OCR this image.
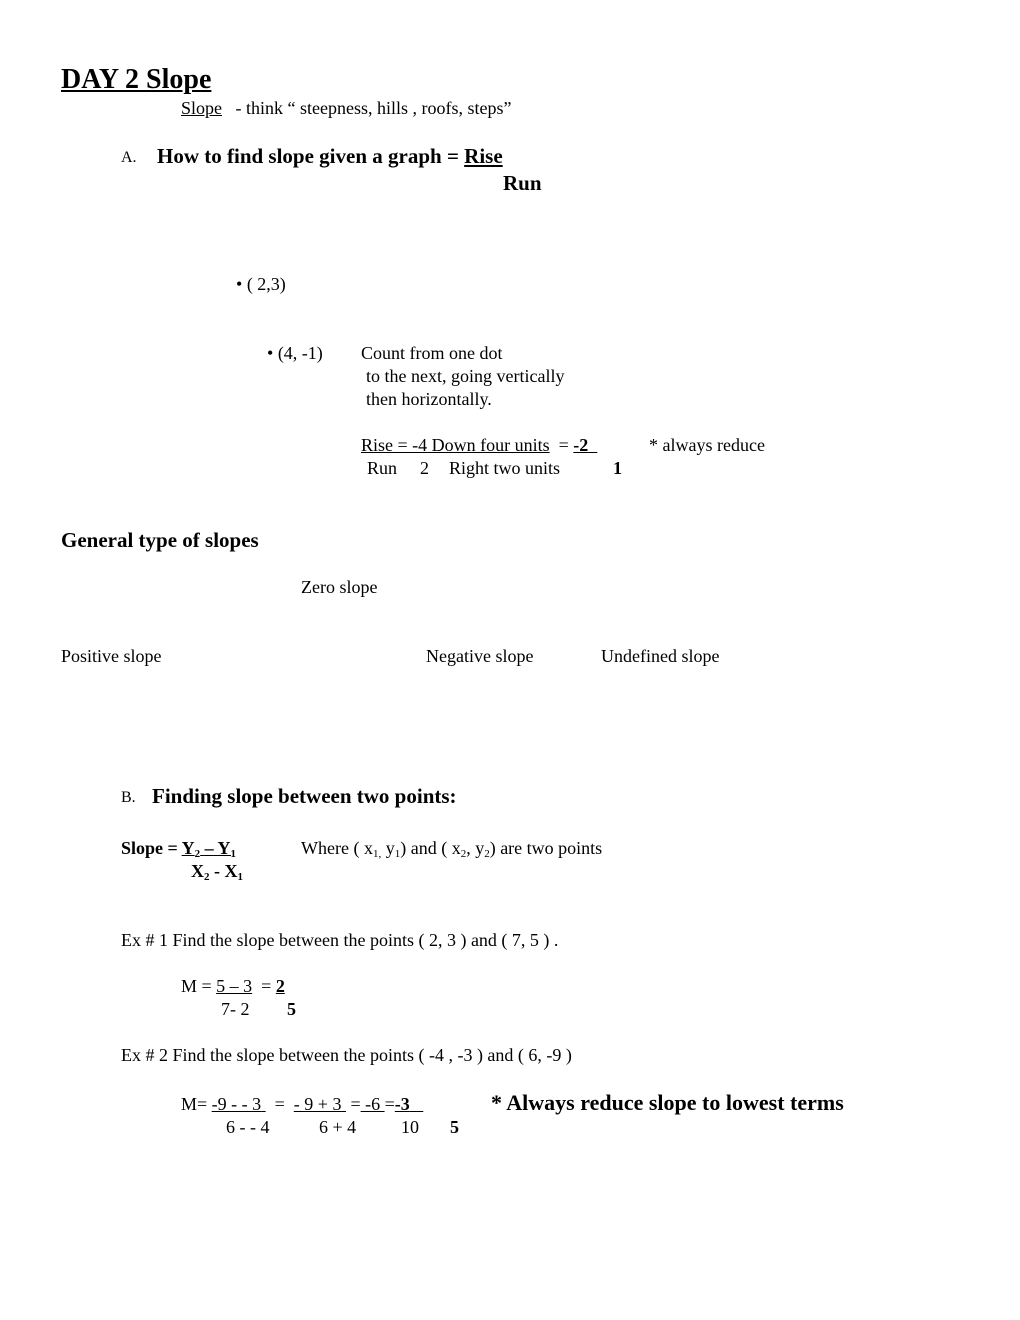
DAY 2 Slope
Slope - think “ steepness, hills , roofs, steps”
A. How to find slope given a graph = Rise
Run
• ( 2,3)
• (4, -1) Count from one dot
to the next, going vertically
then horizontally.
Rise = -4 Down four units = -2	* always reduce
Run 2 Right two units	1
General type of slopes
Zero slope
Positive slope	Negative slope	Undefined slope
B. Finding slope between two points:
Slope = $Y_2 - Y_1$	Where ( $x_{1,}$ $y_1$) and ( $x_2$, $y_2$) are two points
$X_2 - X_1$
Ex # 1 Find the slope between the points ( 2, 3 ) and ( 7, 5 ) .
M = 5 – 3 = 2
7- 2 5
Ex # 2 Find the slope between the points ( -4 , -3 ) and ( 6, -9 )
M= -9 - - 3 = - 9 + 3 = -6 =-3	* Always reduce slope to lowest terms
6 - - 4	6 + 4 10 5
